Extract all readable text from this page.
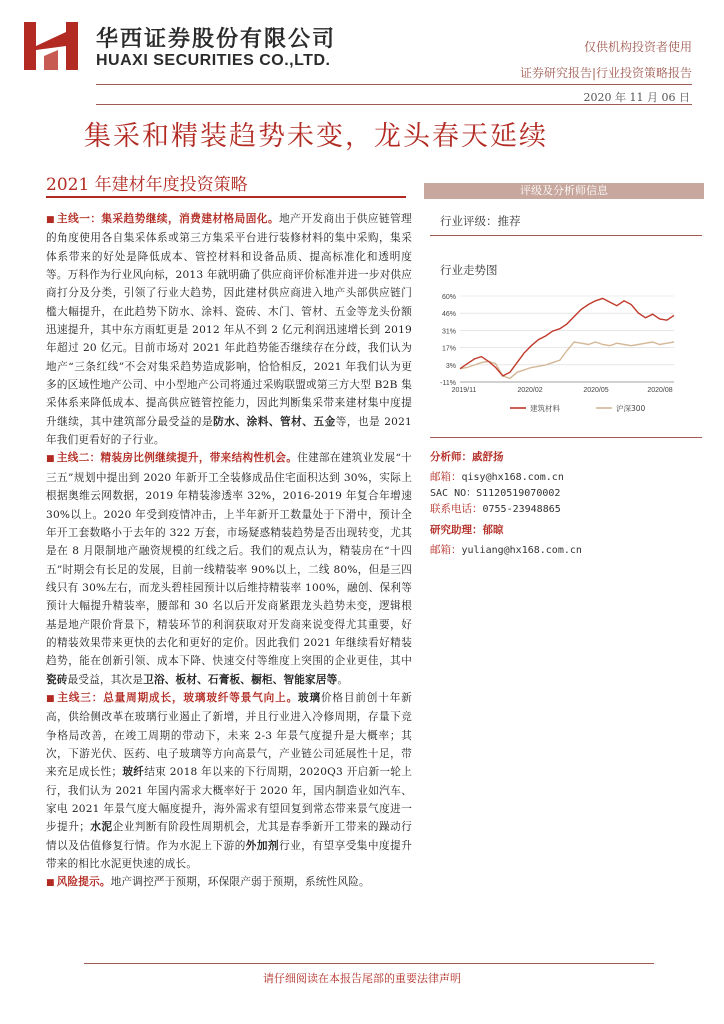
华西证券股份有限公司
HUAXI SECURITIES CO.,LTD.
仅供机构投资者使用
证券研究报告|行业投资策略报告
2020 年 11 月 06 日
集采和精装趋势未变，龙头春天延续
2021 年建材年度投资策略

■ 主线一：集采趋势继续，消费建材格局固化。地产开发商出于供应链管理的角度使用各自集采体系或第三方集采平台进行装修材料的集中采购，集采体系带来的好处是降低成本、管控材料和设备品质、提高标准化和透明度等。万科作为行业风向标，2013 年就明确了供应商评价标准并进一步对供应商打分及分类，引领了行业大趋势，因此建材供应商进入地产头部供应链门槛大幅提升，在此趋势下防水、涂料、瓷砖、木门、管材、五金等龙头份额迅速提升，其中东方雨虹更是 2012 年从不到 2 亿元利润迅速增长到 2019 年超过 20 亿元。目前市场对 2021 年此趋势能否继续存在分歧，我们认为地产“三条红线”不会对集采趋势造成影响，恰恰相反，2021 年我们认为更多的区域性地产公司、中小型地产公司将通过采购联盟或第三方大型 B2B 集采体系来降低成本、提高供应链管控能力，因此判断集采带来建材集中度提升继续，其中建筑部分最受益的是防水、涂料、管材、五金等，也是 2021 年我们更看好的子行业。

■ 主线二：精装房比例继续提升，带来结构性机会。住建部在建筑业发展“十三五”规划中提出到 2020 年新开工全装修成品住宅面积达到 30%，实际上根据奥维云网数据，2019 年精装渗透率 32%，2016-2019 年复合年增速 30%以上。2020 年受到疫情冲击，上半年新开工数量处于下滑中，预计全年开工套数略小于去年的 322 万套，市场疑惑精装趋势是否出现转变，尤其是在 8 月限制地产融资规模的红线之后。我们的观点认为，精装房在“十四五”时期会有长足的发展，目前一线精装率 90%以上，二线 80%，但是三四线只有 30%左右，而龙头碧桂园预计以后维持精装率 100%，融创、保利等预计大幅提升精装率，腰部和 30 名以后开发商紧跟龙头趋势未变，逻辑根基是地产限价背景下，精装环节的利润获取对开发商来说变得尤其重要，好的精装效果带来更快的去化和更好的定价。因此我们 2021 年继续看好精装趋势，能在创新引领、成本下降、快速交付等维度上突围的企业更佳，其中瓷砖最受益，其次是卫浴、板材、石膏板、橱柜、智能家居等。

■ 主线三：总量周期成长，玻璃玻纤等景气向上。玻璃价格目前创十年新高，供给侧改革在玻璃行业遏止了新增，并且行业进入冷修周期，存量下竞争格局改善，在竣工周期的带动下，未来 2-3 年景气度提升是大概率；其次，下游光伏、医药、电子玻璃等方向高景气，产业链公司延展性十足，带来充足成长性；玻纤结束 2018 年以来的下行周期，2020Q3 开启新一轮上行，我们认为 2021 年国内需求大概率好于 2020 年，国内制造业如汽车、家电 2021 年景气度大幅度提升，海外需求有望回复到常态带来景气度进一步提升；水泥企业判断有阶段性周期机会，尤其是春季新开工带来的躁动行情以及估值修复行情。作为水泥上下游的外加剂行业，有望享受集中度提升带来的相比水泥更快速的成长。

■ 风险提示。地产调控严于预期，环保限产弱于预期，系统性风险。

评级及分析师信息
行业评级：推荐
行业走势图
60%
46%
31%
17%
3%
-11%
2019/11	2020/02	2020/05	2020/08
建筑材料	沪深300
分析师：戚舒扬
邮箱：qisy@hx168.com.cn
SAC NO：S1120519070002
联系电话：0755-23948865
研究助理：郁晾
邮箱：yuliang@hx168.com.cn
请仔细阅读在本报告尾部的重要法律声明
